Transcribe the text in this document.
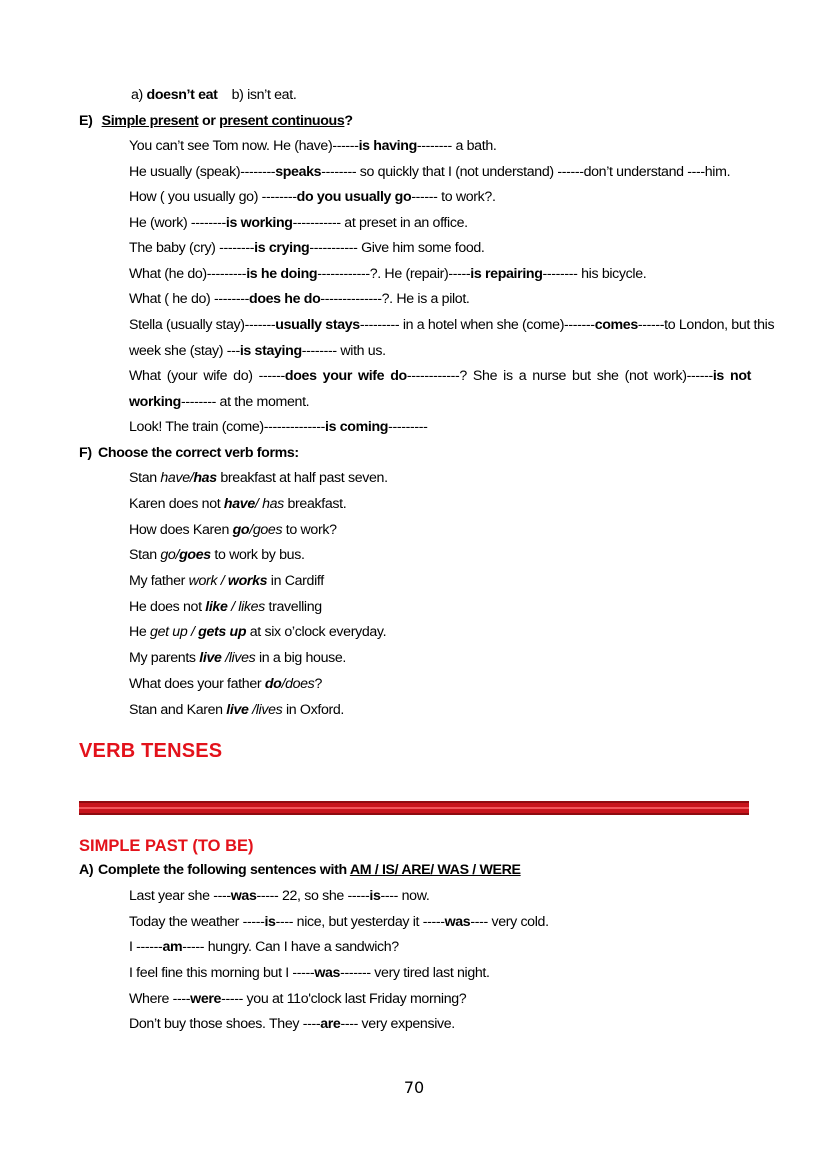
a) doesn’t eat b) isn’t eat.
E) Simple present or present continuous?
You can’t see Tom now. He (have)------is having-------- a bath.
He usually (speak)--------speaks-------- so quickly that I (not understand) ------don’t understand ----him.
How ( you usually go) --------do you usually go------ to work?.
He (work) --------is working----------- at preset in an office.
The baby (cry) --------is crying----------- Give him some food.
What (he do)---------is he doing------------?. He (repair)-----is repairing-------- his bicycle.
What ( he do) --------does he do--------------?. He is a pilot.
Stella (usually stay)-------usually stays--------- in a hotel when she (come)-------comes------to London, but this
week she (stay) ---is staying-------- with us.
What (your wife do) ------does your wife do------------? She is a nurse but she (not work)------is not
working-------- at the moment.
Look! The train (come)--------------is coming---------
F) Choose the correct verb forms:
Stan have/has breakfast at half past seven.
Karen does not have/ has breakfast.
How does Karen go/goes to work?
Stan go/goes to work by bus.
My father work / works in Cardiff
He does not like / likes travelling
He get up / gets up at six o’clock everyday.
My parents live /lives in a big house.
What does your father do/does?
Stan and Karen live /lives in Oxford.
VERB TENSES
SIMPLE PAST (TO BE)
A) Complete the following sentences with AM / IS/ ARE/ WAS / WERE
Last year she ----was----- 22, so she -----is---- now.
Today the weather -----is---- nice, but yesterday it -----was---- very cold.
I ------am----- hungry. Can I have a sandwich?
I feel fine this morning but I -----was------- very tired last night.
Where ----were----- you at 11o'clock last Friday morning?
Don’t buy those shoes. They ----are---- very expensive.
70
